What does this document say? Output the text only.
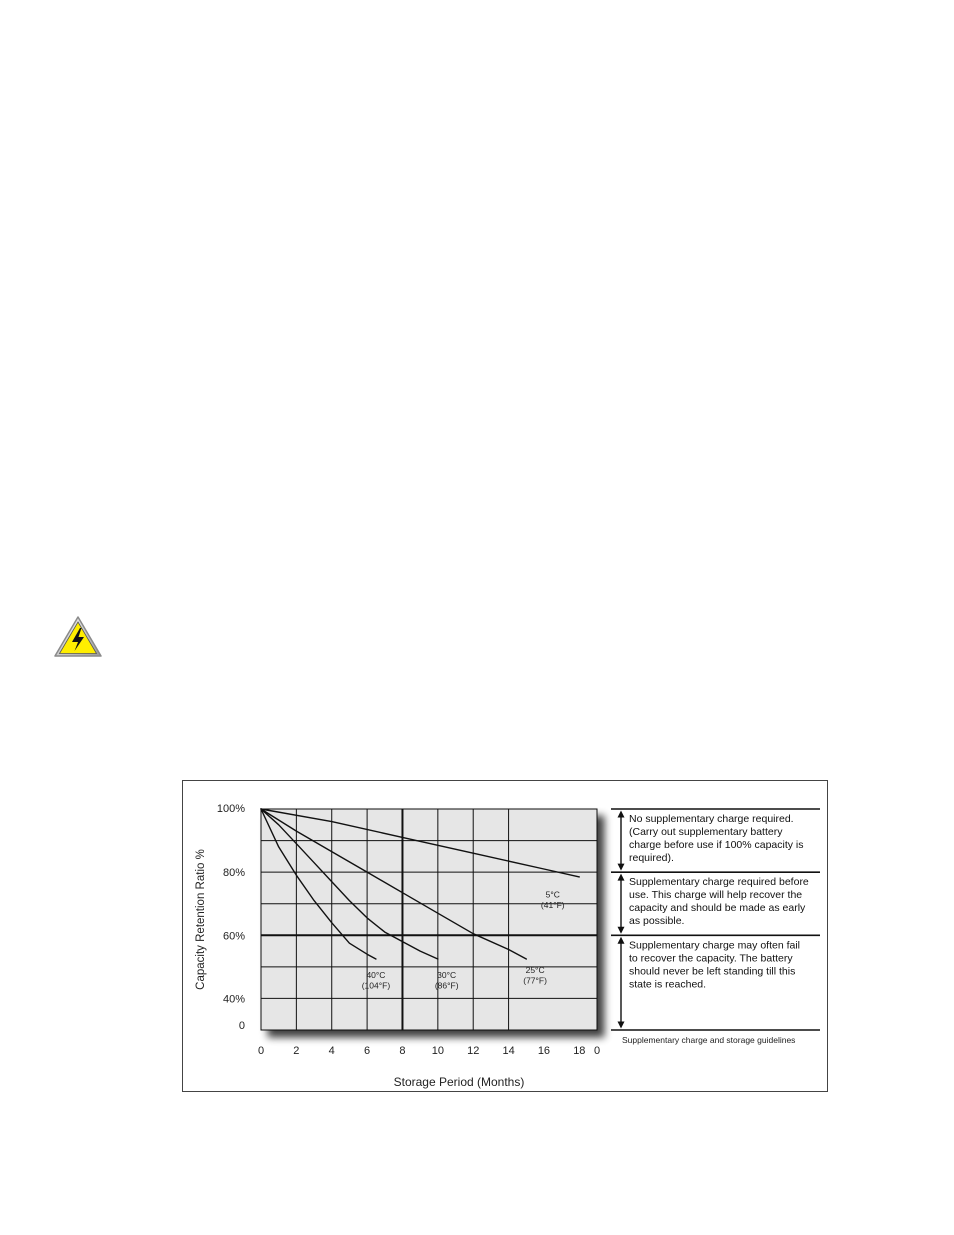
5°C
(41°F)
25°C
(77°F)
30°C
(86°F)
40°C
(104°F)
100%
80%
60%
40%
0
0	2	4	6	8 10 12 14 16 18 0
Capacity Retention Ratio %
Storage Period (Months)
No supplementary charge required.
(Carry out supplementary battery
charge before use if 100% capacity is
required).
Supplementary charge required before
use. This charge will help recover the
capacity and should be made as early
as possible.
Supplementary charge may often fail
to recover the capacity. The battery
should never be left standing till this
state is reached.
Supplementary charge and storage guidelines
